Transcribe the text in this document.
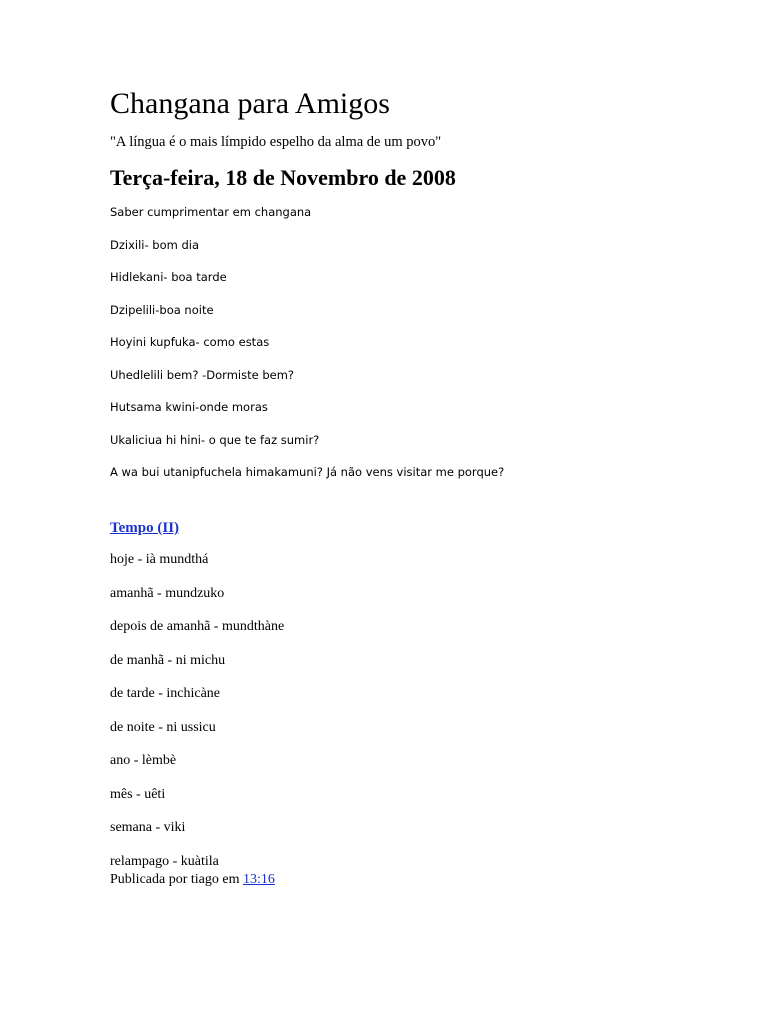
Changana para Amigos
"A língua é o mais límpido espelho da alma de um povo"
Terça-feira, 18 de Novembro de 2008
Saber cumprimentar em changana
Dzixili- bom dia
Hidlekani- boa tarde
Dzipelili-boa noite
Hoyini kupfuka- como estas
Uhedlelili bem? -Dormiste bem?
Hutsama kwini-onde moras
Ukaliciua hi hini- o que te faz sumir?
A wa bui utanipfuchela himakamuni? Já não vens visitar me porque?
Tempo (II)
hoje - ià mundthá
amanhã - mundzuko
depois de amanhã - mundthàne
de manhã - ni michu
de tarde - inchicàne
de noite - ni ussicu
ano - lèmbè
mês - uêti
semana - viki
relampago - kuàtila
Publicada por tiago em 13:16
